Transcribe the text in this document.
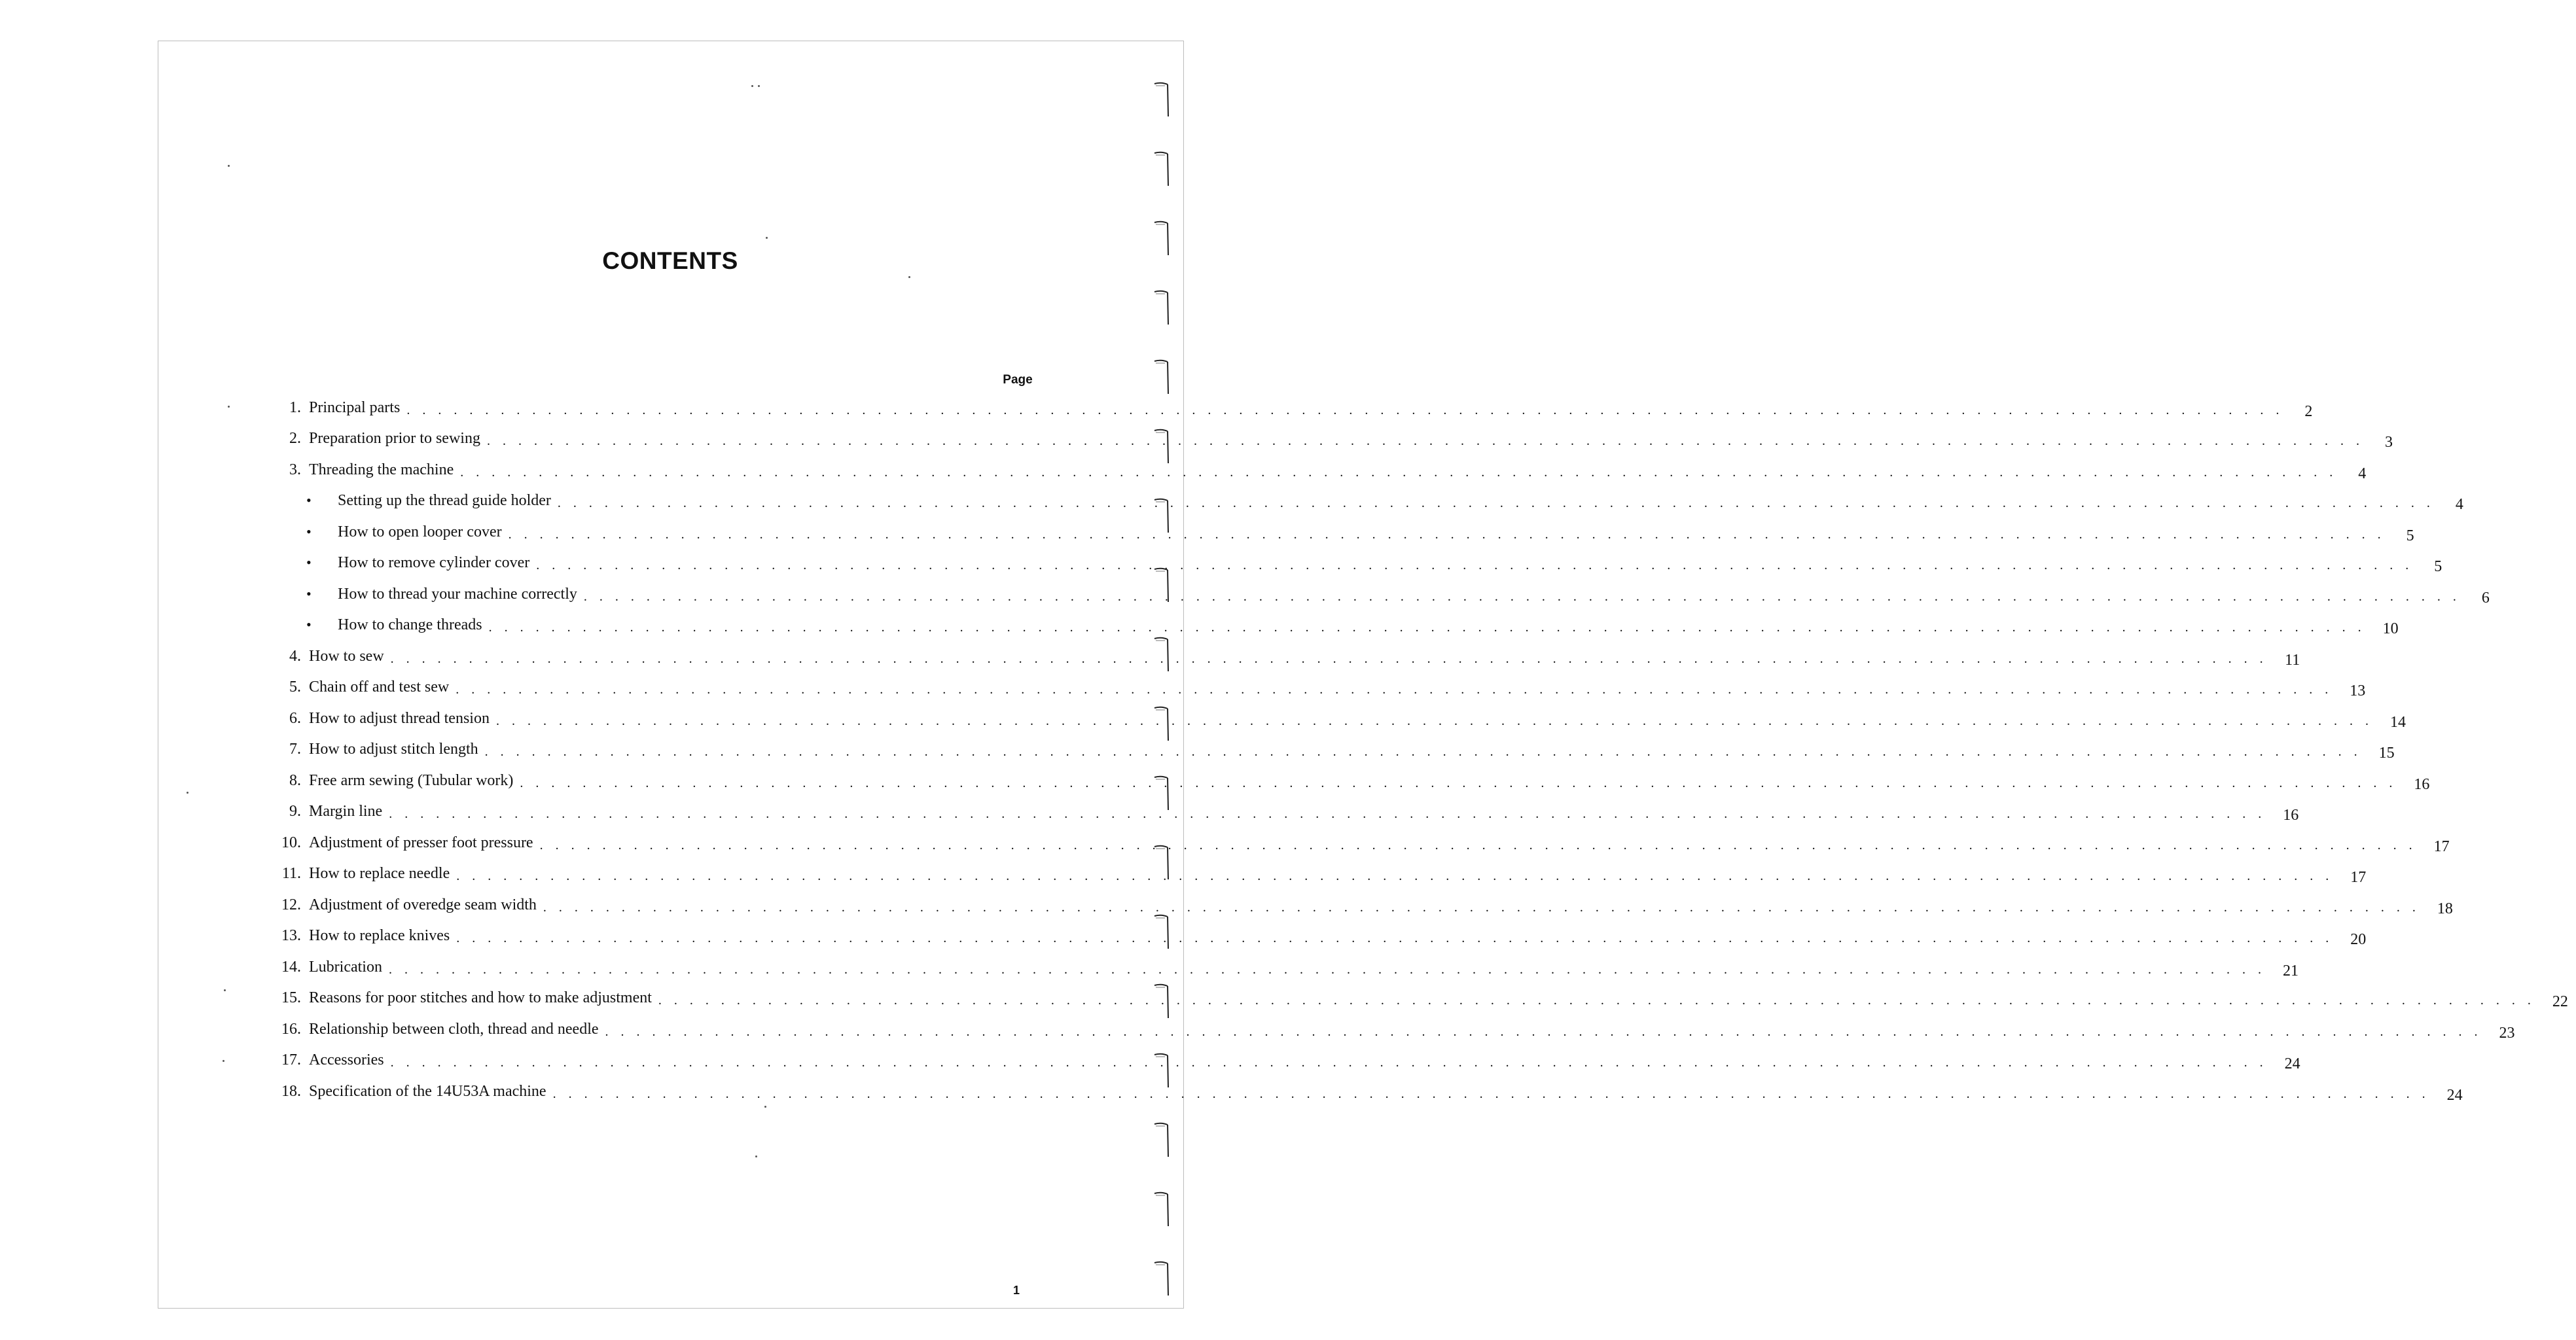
CONTENTS
Page
1. Principal parts . . . . . . . . . . . . . . . . . . . . . . . . . . . . . . . . . . . . . . . . . . . . . . . . . . . . . . . . . . . . . . . . . . . . . . . . . . . . . . . . . . . . . . . . . . . . . . . . . . . . . . . . . . . . . . . . . . . . . . . .	2
2. Preparation prior to sewing . . . . . . . . . . . . . . . . . . . . . . . . . . . . . . . . . . . . . . . . . . . . . . . . . . . . . . . . . . . . . . . . . . . . . . . . . . . . . . . . . . . . . . . . . . . . . . . . . . . . . . . . . . . . . . . . . . . . . . . .	3
3. Threading the machine . . . . . . . . . . . . . . . . . . . . . . . . . . . . . . . . . . . . . . . . . . . . . . . . . . . . . . . . . . . . . . . . . . . . . . . . . . . . . . . . . . . . . . . . . . . . . . . . . . . . . . . . . . . . . . . . . . . . . . . .	4
•	Setting up the thread guide holder . . . . . . . . . . . . . . . . . . . . . . . . . . . . . . . . . . . . . . . . . . . . . . . . . . . . . . . . . . . . . . . . . . . . . . . . . . . . . . . . . . . . . . . . . . . . . . . . . . . . . . . . . . . . . . . . . . . . . . . .	4
•	How to open looper cover . . . . . . . . . . . . . . . . . . . . . . . . . . . . . . . . . . . . . . . . . . . . . . . . . . . . . . . . . . . . . . . . . . . . . . . . . . . . . . . . . . . . . . . . . . . . . . . . . . . . . . . . . . . . . . . . . . . . . . . .	5
•	How to remove cylinder cover . . . . . . . . . . . . . . . . . . . . . . . . . . . . . . . . . . . . . . . . . . . . . . . . . . . . . . . . . . . . . . . . . . . . . . . . . . . . . . . . . . . . . . . . . . . . . . . . . . . . . . . . . . . . . . . . . . . . . . . .	5
•	How to thread your machine correctly . . . . . . . . . . . . . . . . . . . . . . . . . . . . . . . . . . . . . . . . . . . . . . . . . . . . . . . . . . . . . . . . . . . . . . . . . . . . . . . . . . . . . . . . . . . . . . . . . . . . . . . . . . . . . . . . . . . . . . . .	6
•	How to change threads . . . . . . . . . . . . . . . . . . . . . . . . . . . . . . . . . . . . . . . . . . . . . . . . . . . . . . . . . . . . . . . . . . . . . . . . . . . . . . . . . . . . . . . . . . . . . . . . . . . . . . . . . . . . . . . . . . . . . . . .	10
4. How to sew . . . . . . . . . . . . . . . . . . . . . . . . . . . . . . . . . . . . . . . . . . . . . . . . . . . . . . . . . . . . . . . . . . . . . . . . . . . . . . . . . . . . . . . . . . . . . . . . . . . . . . . . . . . . . . . . . . . . . . . .	11
5. Chain off and test sew . . . . . . . . . . . . . . . . . . . . . . . . . . . . . . . . . . . . . . . . . . . . . . . . . . . . . . . . . . . . . . . . . . . . . . . . . . . . . . . . . . . . . . . . . . . . . . . . . . . . . . . . . . . . . . . . . . . . . . . .	13
6. How to adjust thread tension . . . . . . . . . . . . . . . . . . . . . . . . . . . . . . . . . . . . . . . . . . . . . . . . . . . . . . . . . . . . . . . . . . . . . . . . . . . . . . . . . . . . . . . . . . . . . . . . . . . . . . . . . . . . . . . . . . . . . . . .	14
7. How to adjust stitch length . . . . . . . . . . . . . . . . . . . . . . . . . . . . . . . . . . . . . . . . . . . . . . . . . . . . . . . . . . . . . . . . . . . . . . . . . . . . . . . . . . . . . . . . . . . . . . . . . . . . . . . . . . . . . . . . . . . . . . . .	15
8. Free arm sewing (Tubular work) . . . . . . . . . . . . . . . . . . . . . . . . . . . . . . . . . . . . . . . . . . . . . . . . . . . . . . . . . . . . . . . . . . . . . . . . . . . . . . . . . . . . . . . . . . . . . . . . . . . . . . . . . . . . . . . . . . . . . . . .	16
9. Margin line . . . . . . . . . . . . . . . . . . . . . . . . . . . . . . . . . . . . . . . . . . . . . . . . . . . . . . . . . . . . . . . . . . . . . . . . . . . . . . . . . . . . . . . . . . . . . . . . . . . . . . . . . . . . . . . . . . . . . . . .	16
10. Adjustment of presser foot pressure . . . . . . . . . . . . . . . . . . . . . . . . . . . . . . . . . . . . . . . . . . . . . . . . . . . . . . . . . . . . . . . . . . . . . . . . . . . . . . . . . . . . . . . . . . . . . . . . . . . . . . . . . . . . . . . . . . . . . . . .	17
11. How to replace needle . . . . . . . . . . . . . . . . . . . . . . . . . . . . . . . . . . . . . . . . . . . . . . . . . . . . . . . . . . . . . . . . . . . . . . . . . . . . . . . . . . . . . . . . . . . . . . . . . . . . . . . . . . . . . . . . . . . . . . . .	17
12. Adjustment of overedge seam width . . . . . . . . . . . . . . . . . . . . . . . . . . . . . . . . . . . . . . . . . . . . . . . . . . . . . . . . . . . . . . . . . . . . . . . . . . . . . . . . . . . . . . . . . . . . . . . . . . . . . . . . . . . . . . . . . . . . . . . .	18
13. How to replace knives . . . . . . . . . . . . . . . . . . . . . . . . . . . . . . . . . . . . . . . . . . . . . . . . . . . . . . . . . . . . . . . . . . . . . . . . . . . . . . . . . . . . . . . . . . . . . . . . . . . . . . . . . . . . . . . . . . . . . . . .	20
14. Lubrication . . . . . . . . . . . . . . . . . . . . . . . . . . . . . . . . . . . . . . . . . . . . . . . . . . . . . . . . . . . . . . . . . . . . . . . . . . . . . . . . . . . . . . . . . . . . . . . . . . . . . . . . . . . . . . . . . . . . . . . .	21
15. Reasons for poor stitches and how to make adjustment . . . . . . . . . . . . . . . . . . . . . . . . . . . . . . . . . . . . . . . . . . . . . . . . . . . . . . . . . . . . . . . . . . . . . . . . . . . . . . . . . . . . . . . . . . . . . . . . . . . . . . . . . . . . . . . . . . . . . . . .	22
16. Relationship between cloth, thread and needle . . . . . . . . . . . . . . . . . . . . . . . . . . . . . . . . . . . . . . . . . . . . . . . . . . . . . . . . . . . . . . . . . . . . . . . . . . . . . . . . . . . . . . . . . . . . . . . . . . . . . . . . . . . . . . . . . . . . . . . .	23
17. Accessories . . . . . . . . . . . . . . . . . . . . . . . . . . . . . . . . . . . . . . . . . . . . . . . . . . . . . . . . . . . . . . . . . . . . . . . . . . . . . . . . . . . . . . . . . . . . . . . . . . . . . . . . . . . . . . . . . . . . . . . .	24
18. Specification of the 14U53A machine . . . . . . . . . . . . . . . . . . . . . . . . . . . . . . . . . . . . . . . . . . . . . . . . . . . . . . . . . . . . . . . . . . . . . . . . . . . . . . . . . . . . . . . . . . . . . . . . . . . . . . . . . . . . . . . . . . . . . . . .	24
1
